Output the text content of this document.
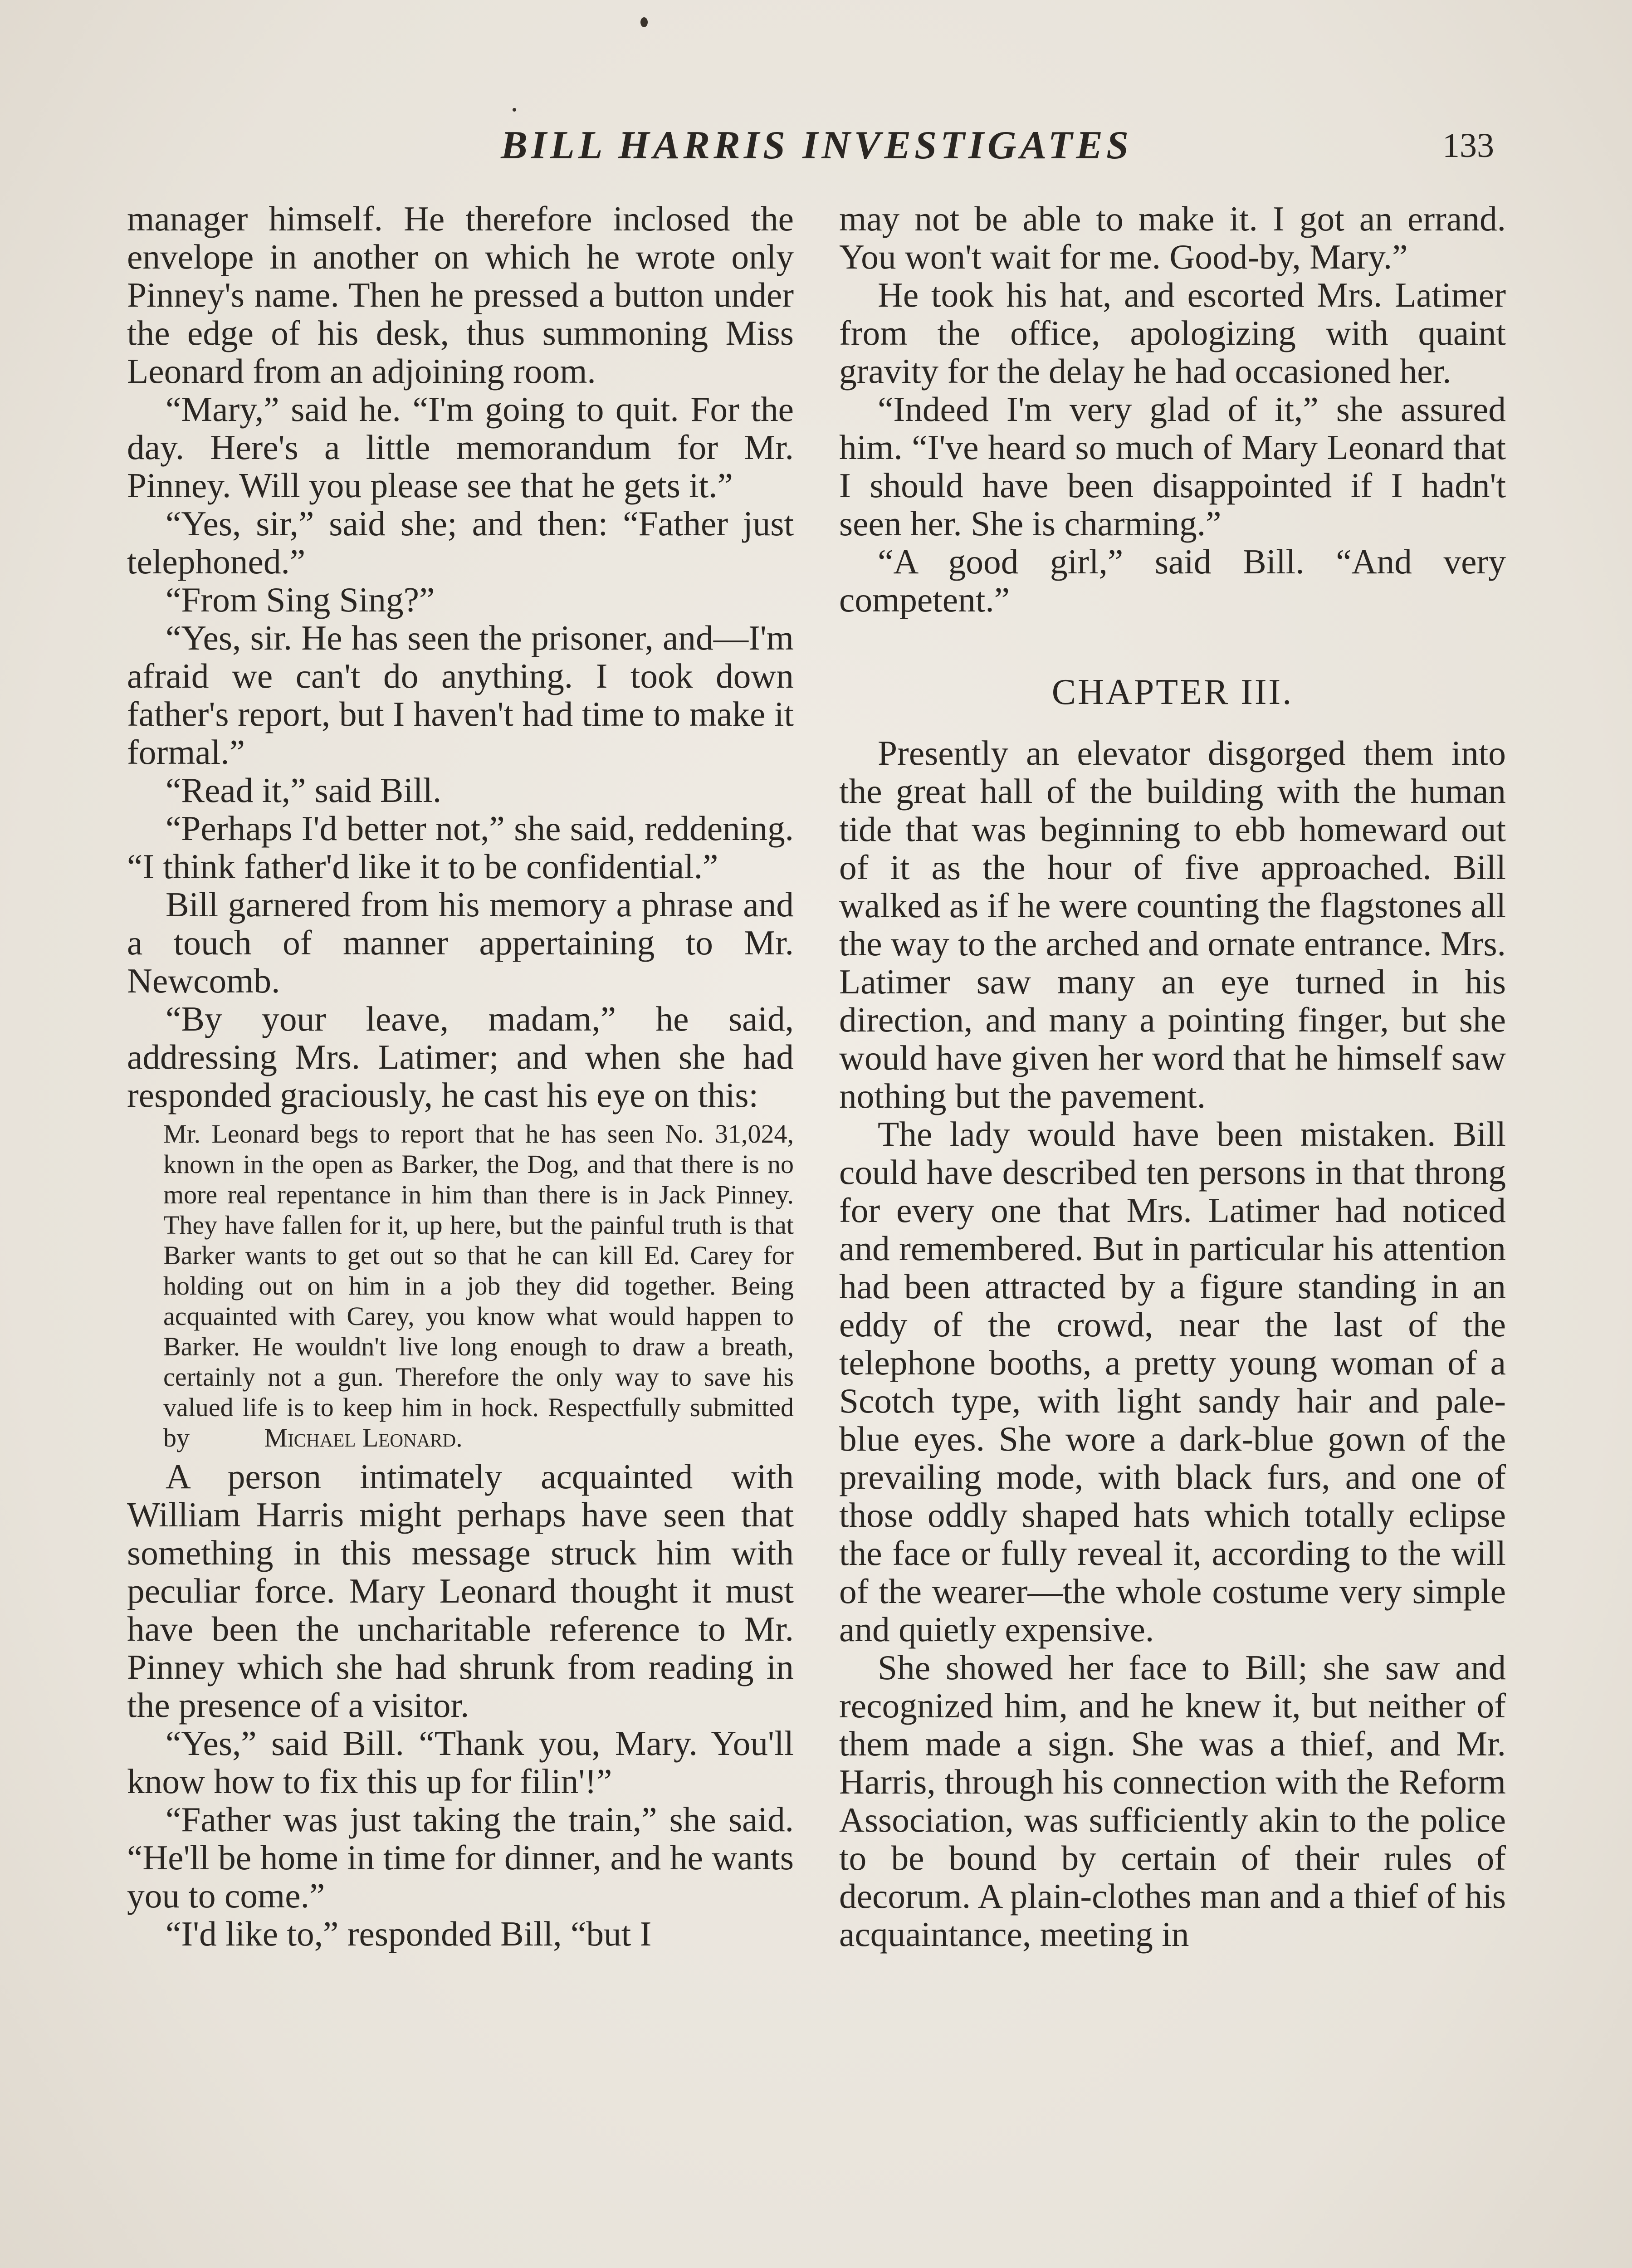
BILL HARRIS INVESTIGATES	133

manager himself. He therefore inclosed the envelope in another on which he wrote only Pinney's name. Then he pressed a button under the edge of his desk, thus summoning Miss Leonard from an adjoining room.

“Mary,” said he. “I'm going to quit. For the day. Here's a little memorandum for Mr. Pinney. Will you please see that he gets it.”

“Yes, sir,” said she; and then: “Father just telephoned.”

“From Sing Sing?”

“Yes, sir. He has seen the prisoner, and—I'm afraid we can't do anything. I took down father's report, but I haven't had time to make it formal.”

“Read it,” said Bill.

“Perhaps I'd better not,” she said, reddening. “I think father'd like it to be confidential.”

Bill garnered from his memory a phrase and a touch of manner appertaining to Mr. Newcomb.

“By your leave, madam,” he said, addressing Mrs. Latimer; and when she had responded graciously, he cast his eye on this:

Mr. Leonard begs to report that he has seen No. 31,024, known in the open as Barker, the Dog, and that there is no more real repentance in him than there is in Jack Pinney. They have fallen for it, up here, but the painful truth is that Barker wants to get out so that he can kill Ed. Carey for holding out on him in a job they did together. Being acquainted with Carey, you know what would happen to Barker. He wouldn't live long enough to draw a breath, certainly not a gun. Therefore the only way to save his valued life is to keep him in hock. Respectfully submitted by	Michael Leonard.

A person intimately acquainted with William Harris might perhaps have seen that something in this message struck him with peculiar force. Mary Leonard thought it must have been the uncharitable reference to Mr. Pinney which she had shrunk from reading in the presence of a visitor.

“Yes,” said Bill. “Thank you, Mary. You'll know how to fix this up for filin'!”

“Father was just taking the train,” she said. “He'll be home in time for dinner, and he wants you to come.”

“I'd like to,” responded Bill, “but I

may not be able to make it. I got an errand. You won't wait for me. Good-by, Mary.”

He took his hat, and escorted Mrs. Latimer from the office, apologizing with quaint gravity for the delay he had occasioned her.

“Indeed I'm very glad of it,” she assured him. “I've heard so much of Mary Leonard that I should have been disappointed if I hadn't seen her. She is charming.”

“A good girl,” said Bill. “And very competent.”

CHAPTER III.

Presently an elevator disgorged them into the great hall of the building with the human tide that was beginning to ebb homeward out of it as the hour of five approached. Bill walked as if he were counting the flagstones all the way to the arched and ornate entrance. Mrs. Latimer saw many an eye turned in his direction, and many a pointing finger, but she would have given her word that he himself saw nothing but the pavement.

The lady would have been mistaken. Bill could have described ten persons in that throng for every one that Mrs. Latimer had noticed and remembered. But in particular his attention had been attracted by a figure standing in an eddy of the crowd, near the last of the telephone booths, a pretty young woman of a Scotch type, with light sandy hair and pale-blue eyes. She wore a dark-blue gown of the prevailing mode, with black furs, and one of those oddly shaped hats which totally eclipse the face or fully reveal it, according to the will of the wearer—the whole costume very simple and quietly expensive.

She showed her face to Bill; she saw and recognized him, and he knew it, but neither of them made a sign. She was a thief, and Mr. Harris, through his connection with the Reform Association, was sufficiently akin to the police to be bound by certain of their rules of decorum. A plain-clothes man and a thief of his acquaintance, meeting in
